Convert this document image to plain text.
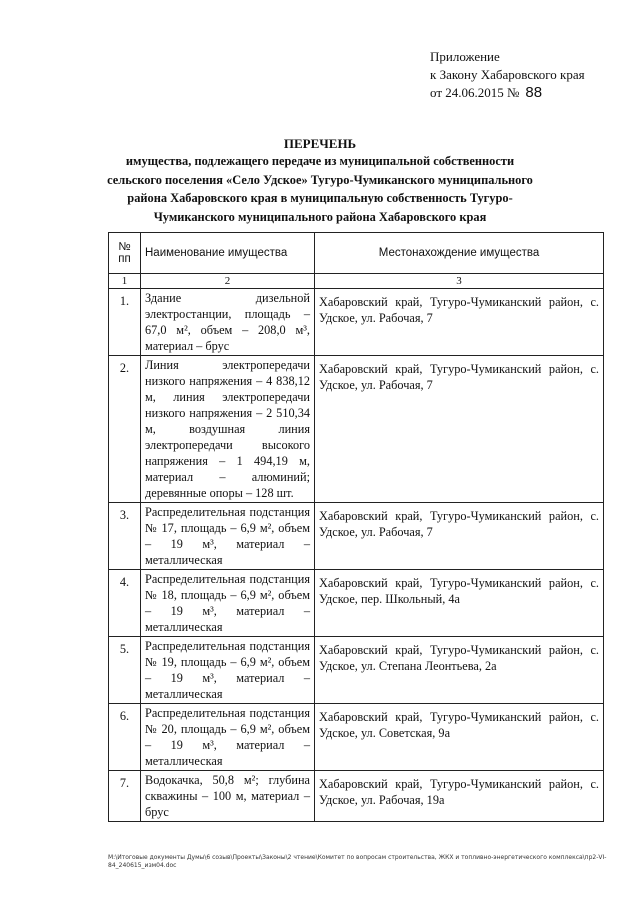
Приложение
к Закону Хабаровского края
от 24.06.2015 № 88
ПЕРЕЧЕНЬ
имущества, подлежащего передаче из муниципальной собственности сельского поселения «Село Удское» Тугуро-Чумиканского муниципального района Хабаровского края в муниципальную собственность Тугуро-Чумиканского муниципального района Хабаровского края
№ пп	Наименование имущества	Местонахождение имущества
1	2	3
1.	Здание дизельной электростанции, площадь – 67,0 м², объем – 208,0 м³, материал – брус	Хабаровский край, Тугуро-Чумиканский район, с. Удское, ул. Рабочая, 7
2.	Линия электропередачи низкого напряжения – 4 838,12 м, линия электропередачи низкого напряжения – 2 510,34 м, воздушная линия электропередачи высокого напряжения – 1 494,19 м, материал – алюминий; деревянные опоры – 128 шт.	Хабаровский край, Тугуро-Чумиканский район, с. Удское, ул. Рабочая, 7
3.	Распределительная подстанция № 17, площадь – 6,9 м², объем – 19 м³, материал – металлическая	Хабаровский край, Тугуро-Чумиканский район, с. Удское, ул. Рабочая, 7
4.	Распределительная подстанция № 18, площадь – 6,9 м², объем – 19 м³, материал – металлическая	Хабаровский край, Тугуро-Чумиканский район, с. Удское, пер. Школьный, 4а
5.	Распределительная подстанция № 19, площадь – 6,9 м², объем – 19 м³, материал – металлическая	Хабаровский край, Тугуро-Чумиканский район, с. Удское, ул. Степана Леонтьева, 2а
6.	Распределительная подстанция № 20, площадь – 6,9 м², объем – 19 м³, материал – металлическая	Хабаровский край, Тугуро-Чумиканский район, с. Удское, ул. Советская, 9а
7.	Водокачка, 50,8 м²; глубина скважины – 100 м, материал – брус	Хабаровский край, Тугуро-Чумиканский район, с. Удское, ул. Рабочая, 19а
M:\Итоговые документы Думы\6 созыв\Проекты\Законы\2 чтение\Комитет по вопросам строительства, ЖКХ и топливно-энергетического комплекса\пр2-VI-84_240615_изм04.doc
